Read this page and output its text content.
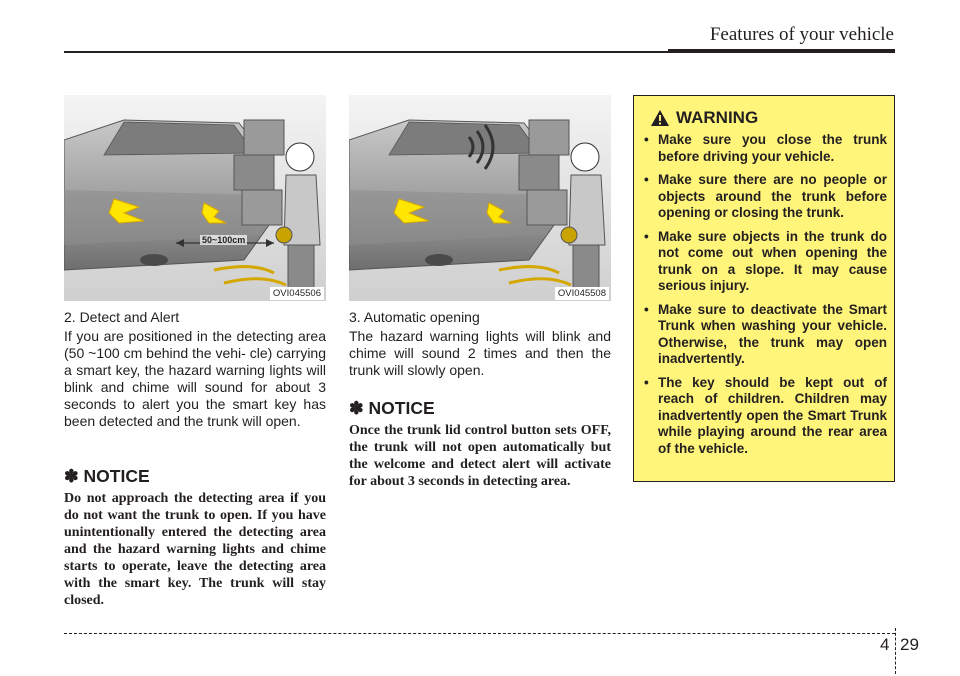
Features of your vehicle
50~100cm
OVI045506	OVI045508
2. Detect and Alert
If you are positioned in the detecting area (50 ~100 cm behind the vehi- cle) carrying a smart key, the hazard warning lights will blink and chime will sound for about 3 seconds to alert you the smart key has been detected and the trunk will open.
✽ NOTICE
Do not approach the detecting area if you do not want the trunk to open. If you have unintentionally entered the detecting area and the hazard warning lights and chime starts to operate, leave the detecting area with the smart key. The trunk will stay closed.
3. Automatic opening
The hazard warning lights will blink and chime will sound 2 times and then the trunk will slowly open.
✽ NOTICE
Once the trunk lid control button sets OFF, the trunk will not open automatically but the welcome and detect alert will activate for about 3 seconds in detecting area.
WARNING
• Make sure you close the trunk before driving your vehicle.
• Make sure there are no people or objects around the trunk before opening or closing the trunk.
• Make sure objects in the trunk do not come out when opening the trunk on a slope. It may cause serious injury.
• Make sure to deactivate the Smart Trunk when washing your vehicle. Otherwise, the trunk may open inadvertently.
• The key should be kept out of reach of children. Children may inadvertently open the Smart Trunk while playing around the rear area of the vehicle.
4 29
